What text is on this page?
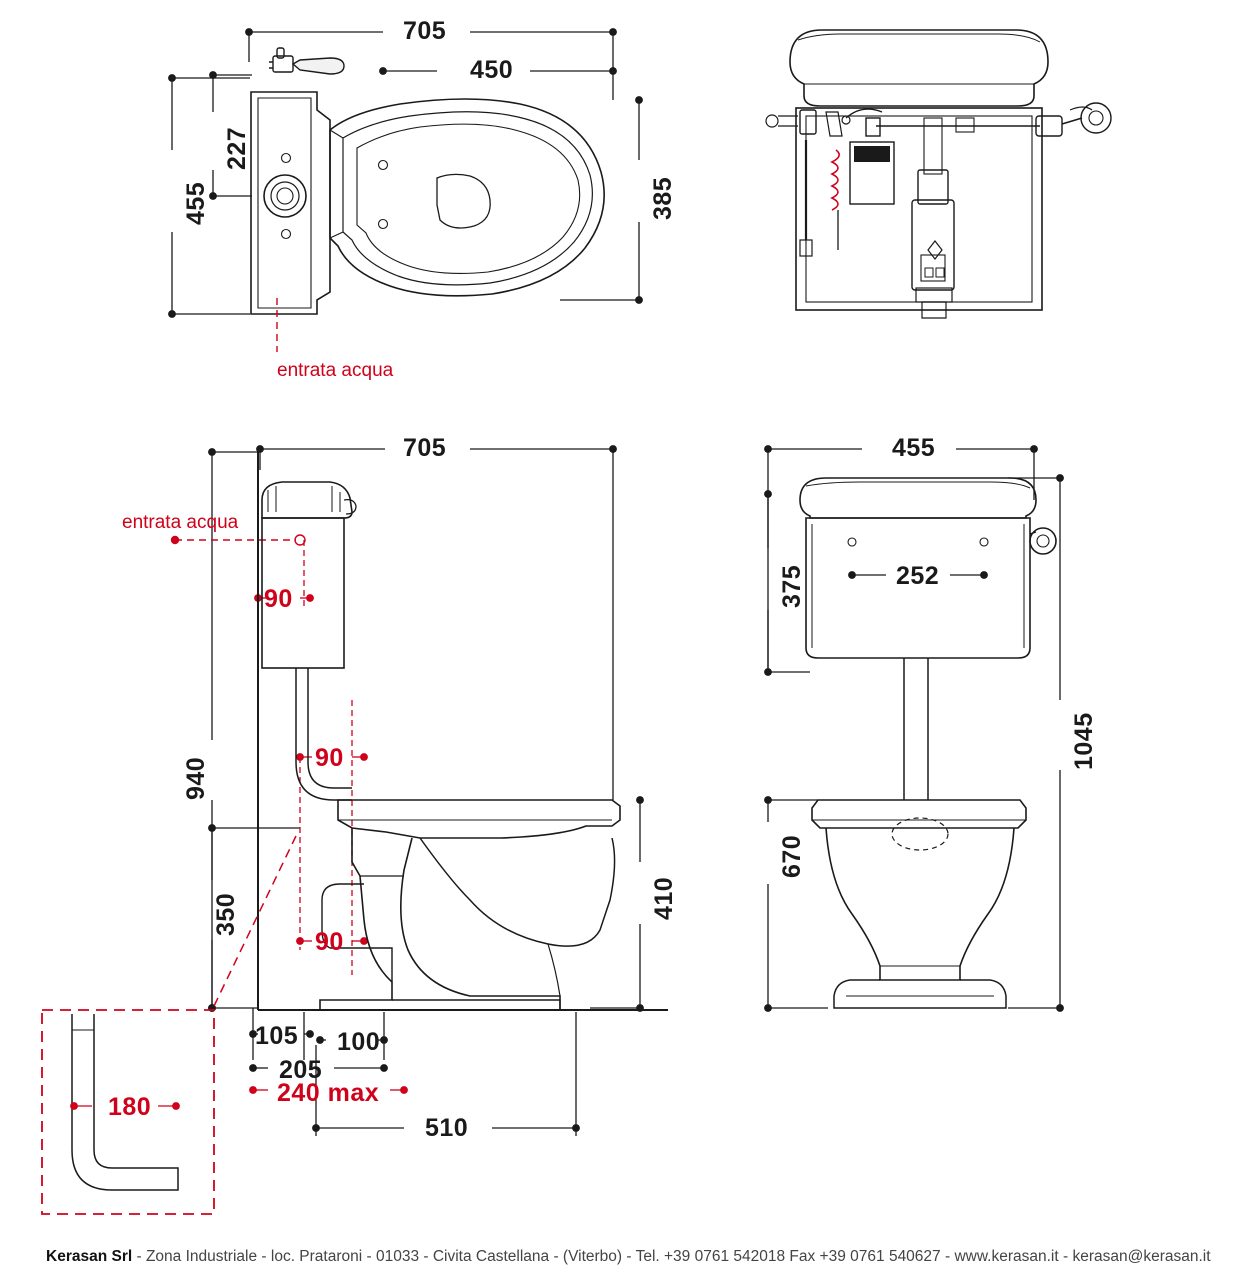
705
450
227
455	385
entrata acqua
705
940
350	410
90
90
90
entrata acqua
105 100
205
240 max
510
180
455
252
375
670
1045
Kerasan Srl - Zona Industriale - loc. Prataroni - 01033 - Civita Castellana - (Viterbo) - Tel. +39 0761 542018 Fax +39 0761 540627 - www.kerasan.it - kerasan@kerasan.it
